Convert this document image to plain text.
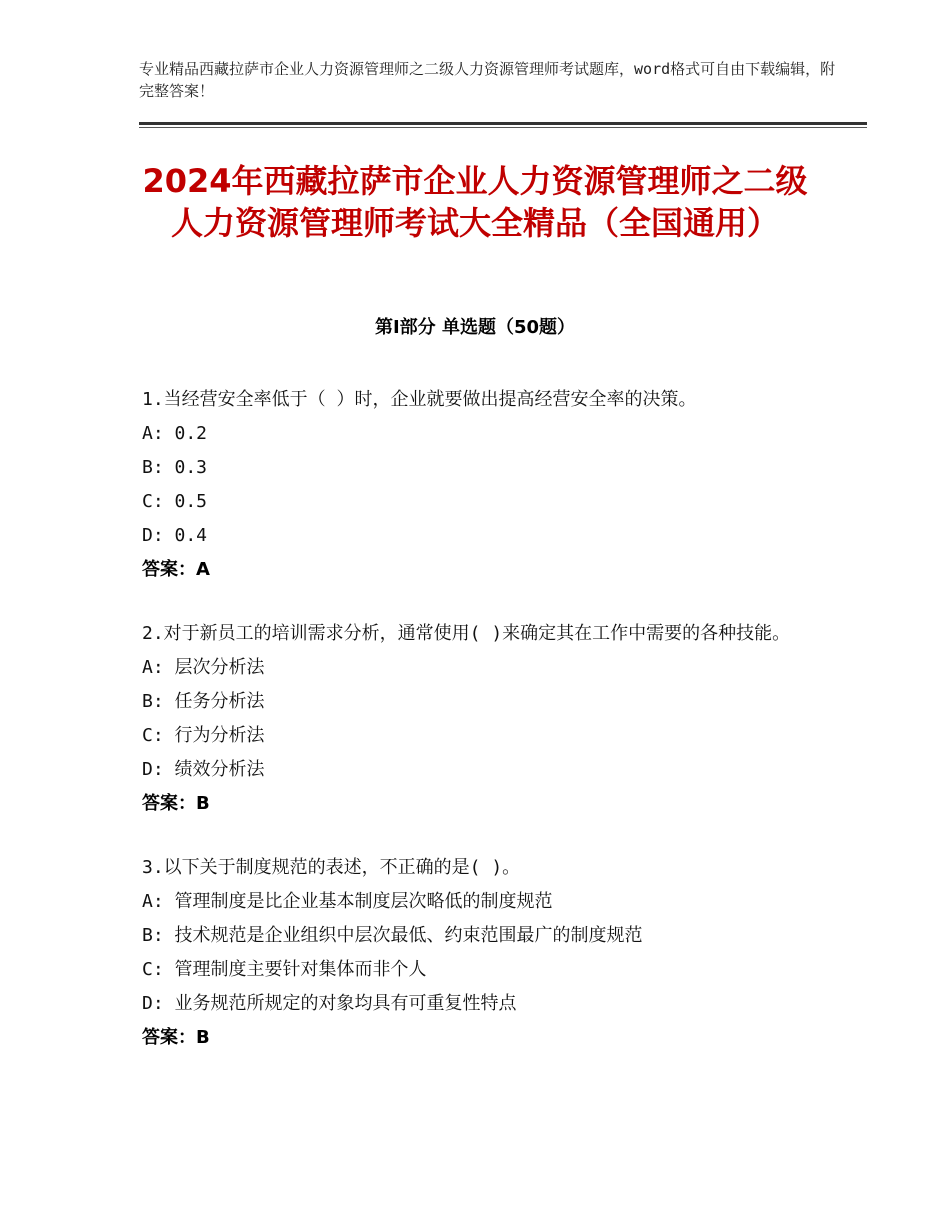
专业精品西藏拉萨市企业人力资源管理师之二级人力资源管理师考试题库，word格式可自由下载编辑，附完整答案！
2024年西藏拉萨市企业人力资源管理师之二级人力资源管理师考试大全精品（全国通用）
第Ⅰ部分 单选题（50题）
1.当经营安全率低于（ ）时，企业就要做出提高经营安全率的决策。
A: 0.2
B: 0.3
C: 0.5
D: 0.4
答案：A
2.对于新员工的培训需求分析，通常使用( )来确定其在工作中需要的各种技能。
A: 层次分析法
B: 任务分析法
C: 行为分析法
D: 绩效分析法
答案：B
3.以下关于制度规范的表述，不正确的是( )。
A: 管理制度是比企业基本制度层次略低的制度规范
B: 技术规范是企业组织中层次最低、约束范围最广的制度规范
C: 管理制度主要针对集体而非个人
D: 业务规范所规定的对象均具有可重复性特点
答案：B
